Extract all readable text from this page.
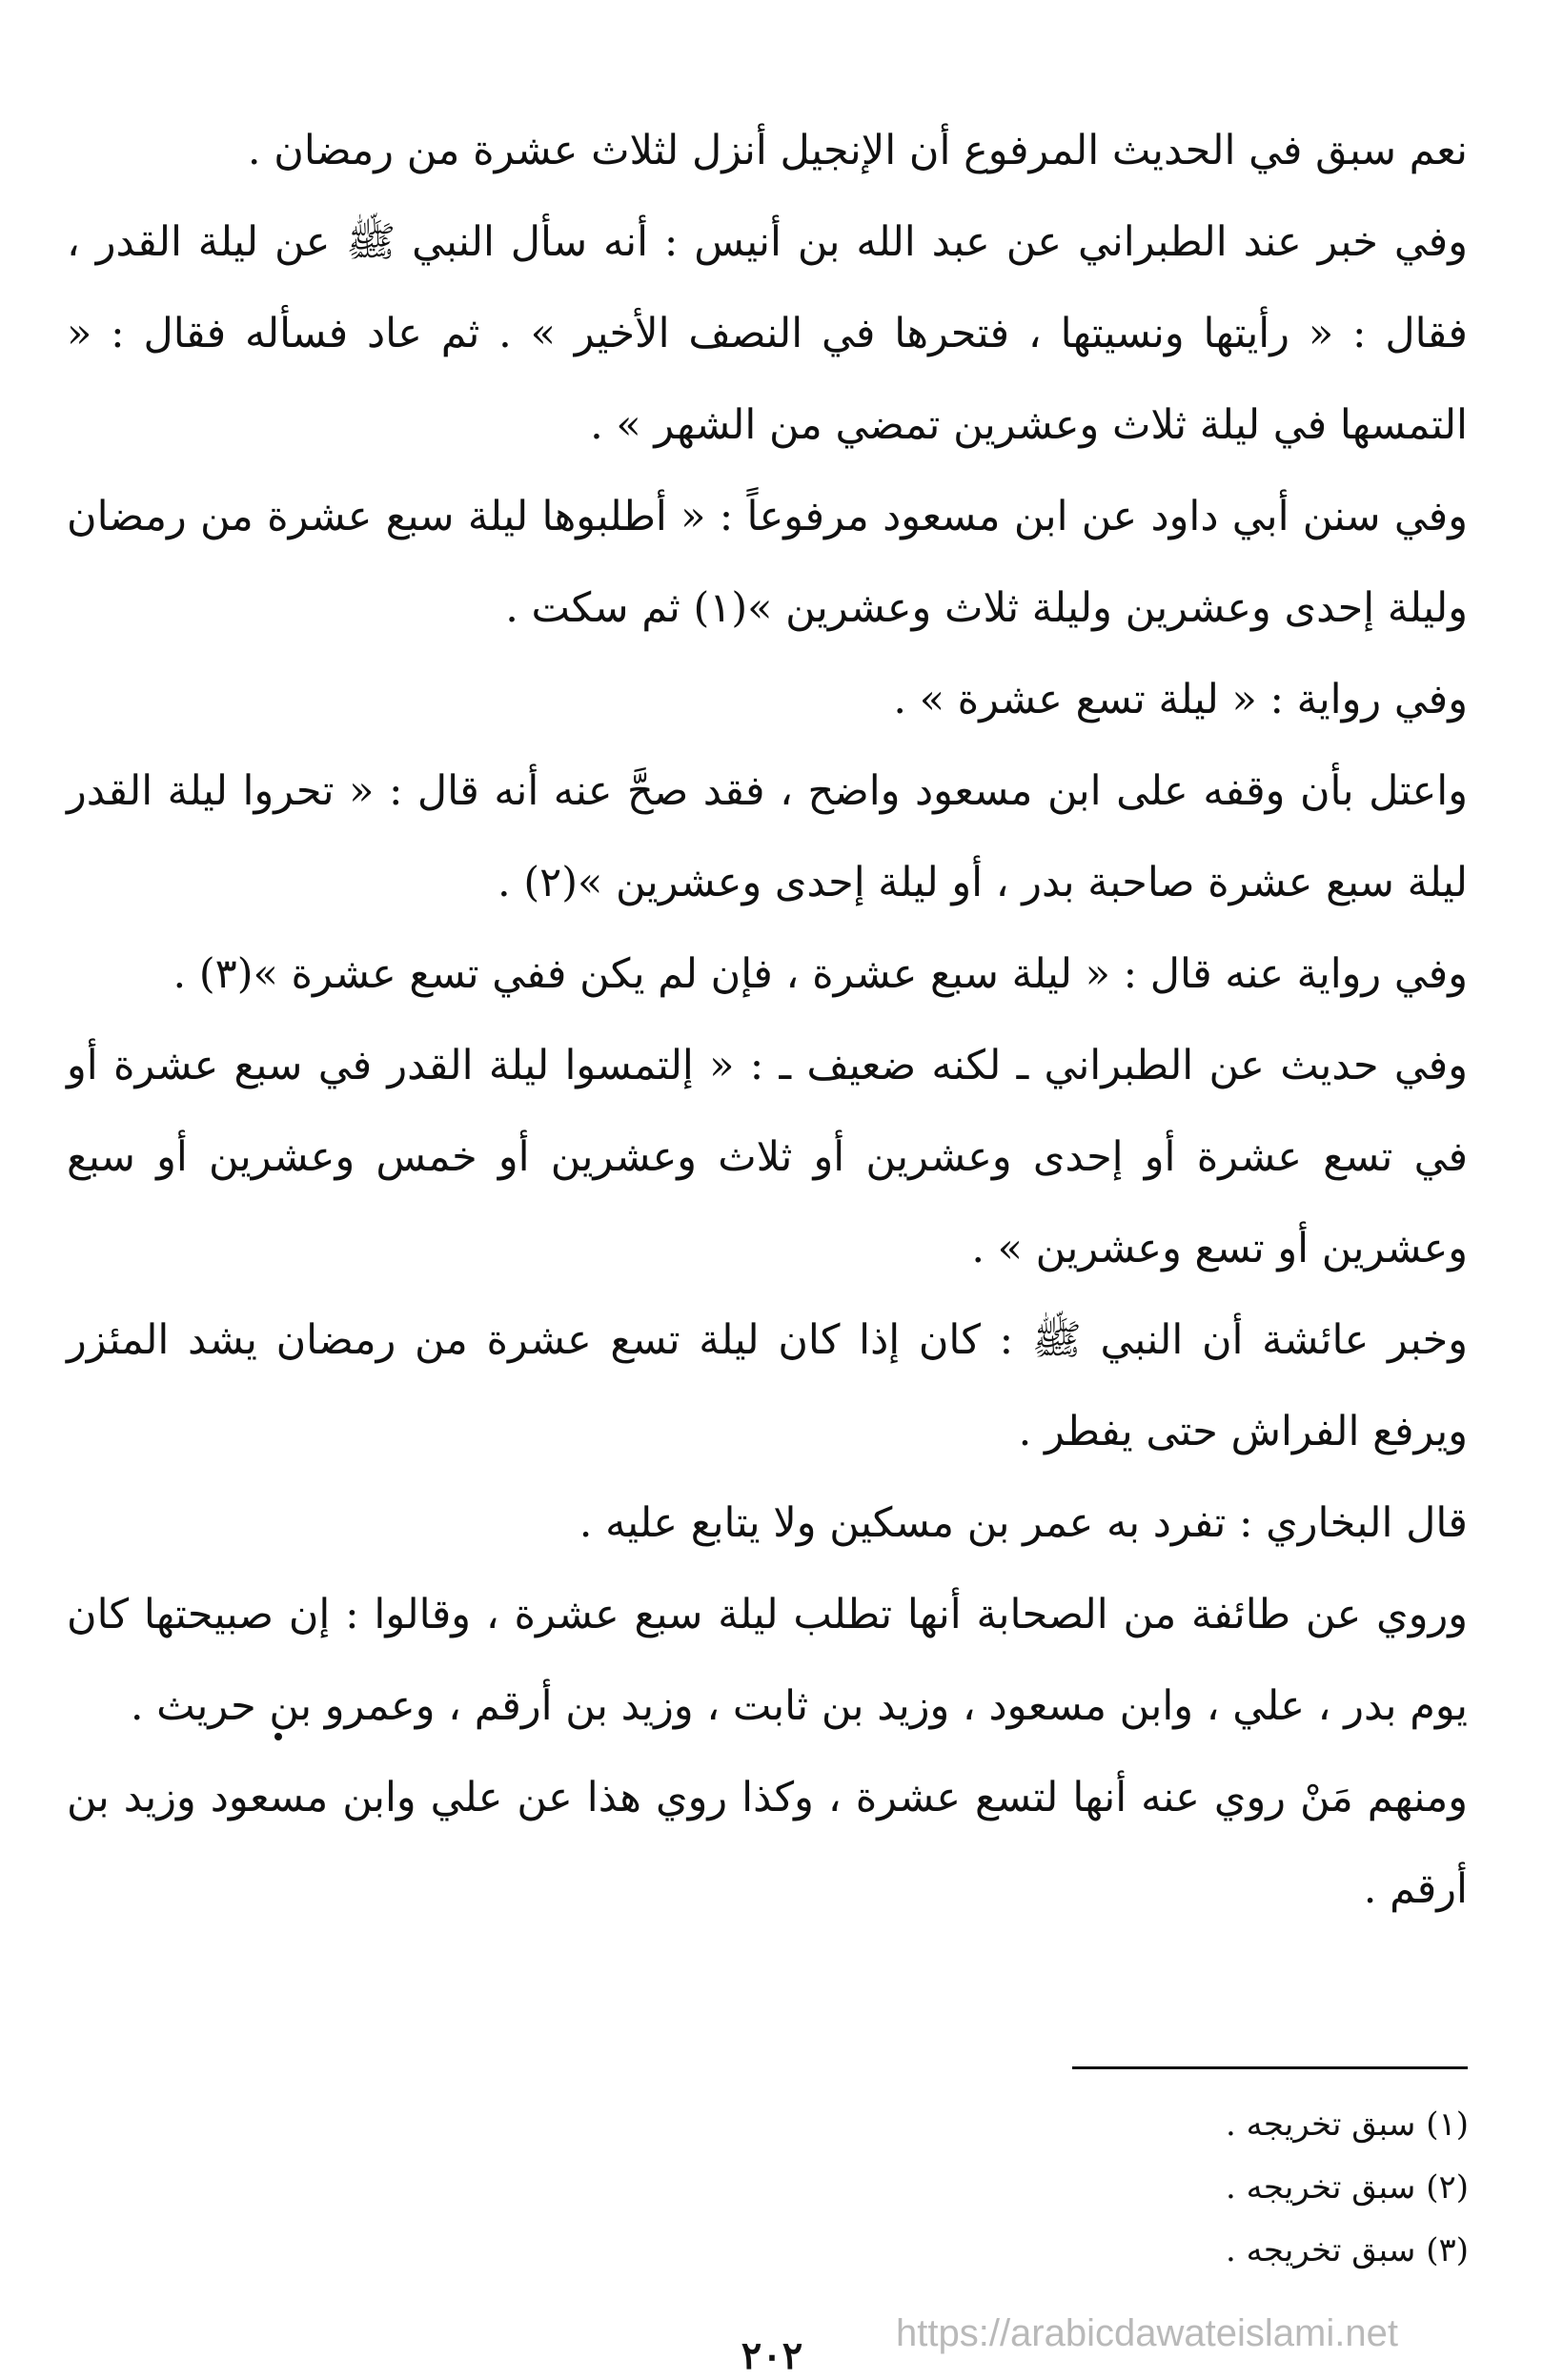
نعم سبق في الحديث المرفوع أن الإنجيل أنزل لثلاث عشرة من رمضان .

وفي خبر عند الطبراني عن عبد الله بن أنيس : أنه سأل النبي ﷺ عن ليلة القدر ، فقال : « رأيتها ونسيتها ، فتحرها في النصف الأخير » . ثم عاد فسأله فقال : « التمسها في ليلة ثلاث وعشرين تمضي من الشهر » .

وفي سنن أبي داود عن ابن مسعود مرفوعاً : « أطلبوها ليلة سبع عشرة من رمضان وليلة إحدى وعشرين وليلة ثلاث وعشرين »(١) ثم سكت .

وفي رواية : « ليلة تسع عشرة » .

واعتل بأن وقفه على ابن مسعود واضح ، فقد صحَّ عنه أنه قال : « تحروا ليلة القدر ليلة سبع عشرة صاحبة بدر ، أو ليلة إحدى وعشرين »(٢) .

وفي رواية عنه قال : « ليلة سبع عشرة ، فإن لم يكن ففي تسع عشرة »(٣) .

وفي حديث عن الطبراني ـ لكنه ضعيف ـ : « إلتمسوا ليلة القدر في سبع عشرة أو في تسع عشرة أو إحدى وعشرين أو ثلاث وعشرين أو خمس وعشرين أو سبع وعشرين أو تسع وعشرين » .

وخبر عائشة أن النبي ﷺ : كان إذا كان ليلة تسع عشرة من رمضان يشد المئزر ويرفع الفراش حتى يفطر .

قال البخاري : تفرد به عمر بن مسكين ولا يتابع عليه .

وروي عن طائفة من الصحابة أنها تطلب ليلة سبع عشرة ، وقالوا : إن صبيحتها كان يوم بدر ، علي ، وابن مسعود ، وزيد بن ثابت ، وزيد بن أرقم ، وعمرو بن حريث .

ومنهم مَنْ روي عنه أنها لتسع عشرة ، وكذا روي هذا عن علي وابن مسعود وزيد بن أرقم .

(١) سبق تخريجه .

(٢) سبق تخريجه .

(٣) سبق تخريجه .

https://arabicdawateislami.net
٢٠٢
